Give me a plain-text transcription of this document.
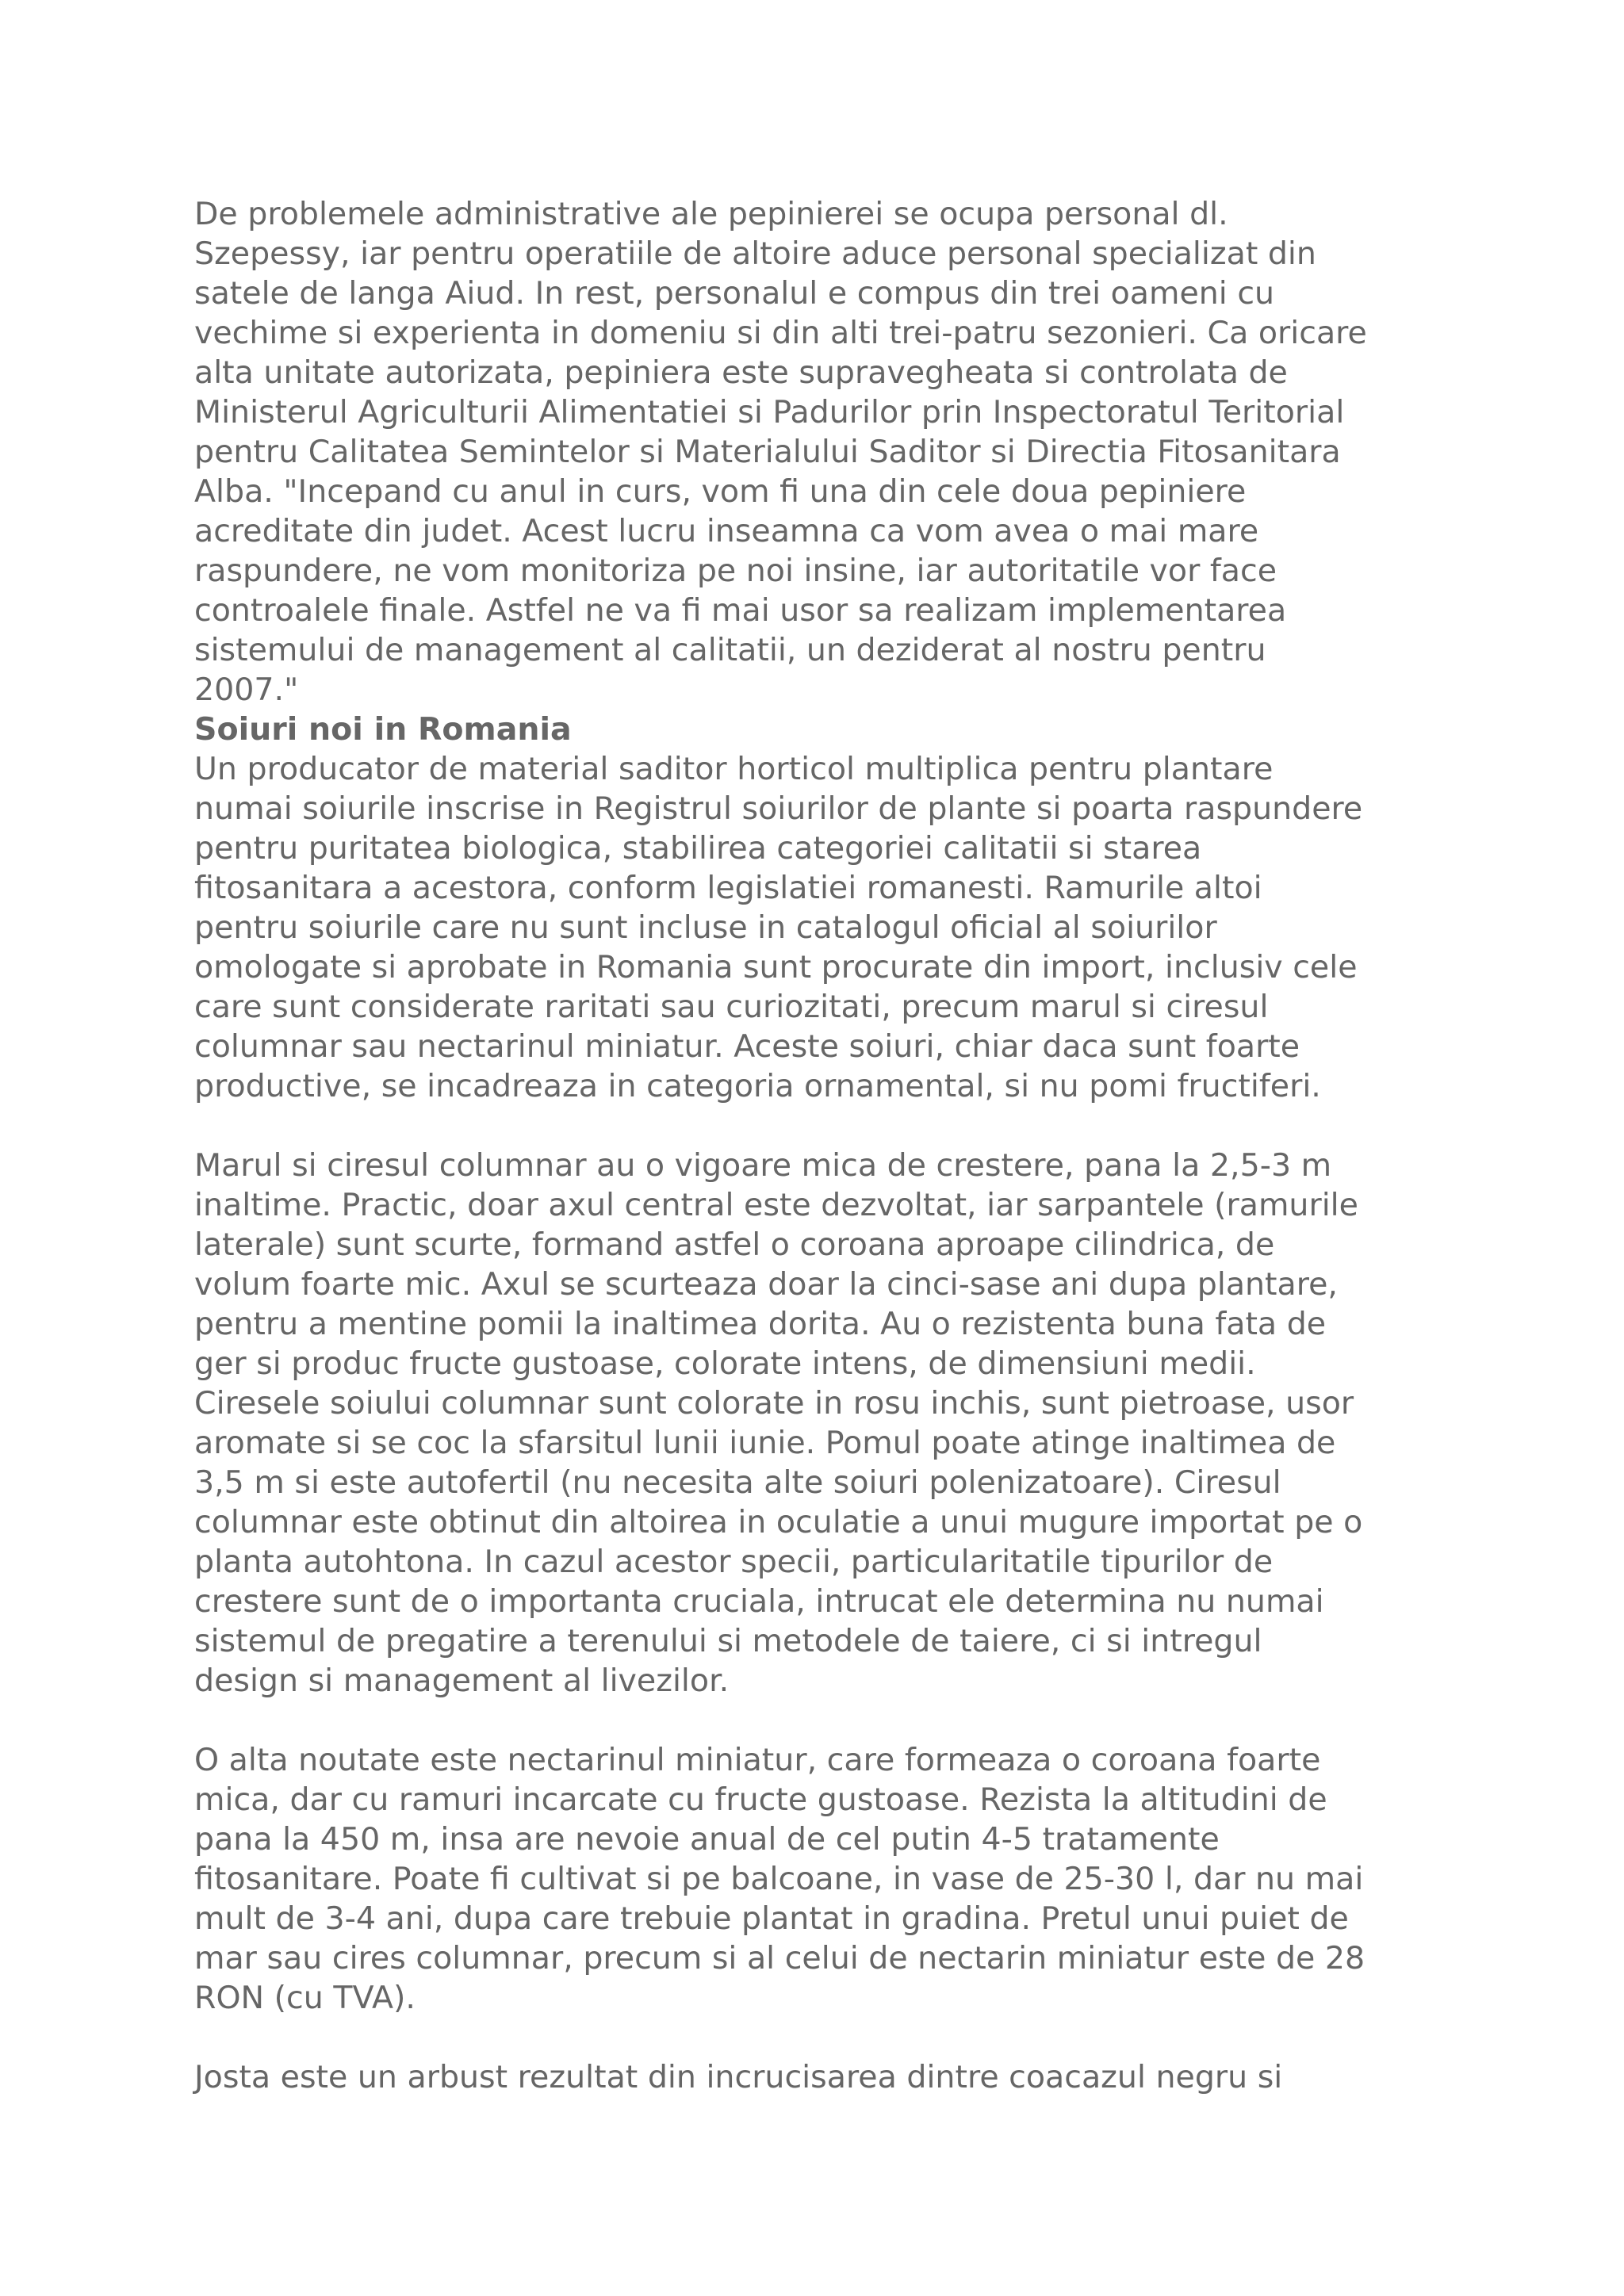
De problemele administrative ale pepinierei se ocupa personal dl.
Szepessy, iar pentru operatiile de altoire aduce personal specializat din
satele de langa Aiud. In rest, personalul e compus din trei oameni cu
vechime si experienta in domeniu si din alti trei-patru sezonieri. Ca oricare
alta unitate autorizata, pepiniera este supravegheata si controlata de
Ministerul Agriculturii Alimentatiei si Padurilor prin Inspectoratul Teritorial
pentru Calitatea Semintelor si Materialului Saditor si Directia Fitosanitara
Alba. "Incepand cu anul in curs, vom fi una din cele doua pepiniere
acreditate din judet. Acest lucru inseamna ca vom avea o mai mare
raspundere, ne vom monitoriza pe noi insine, iar autoritatile vor face
controalele finale. Astfel ne va fi mai usor sa realizam implementarea
sistemului de management al calitatii, un deziderat al nostru pentru
2007."
Soiuri noi in Romania
Un producator de material saditor horticol multiplica pentru plantare
numai soiurile inscrise in Registrul soiurilor de plante si poarta raspundere
pentru puritatea biologica, stabilirea categoriei calitatii si starea
fitosanitara a acestora, conform legislatiei romanesti. Ramurile altoi
pentru soiurile care nu sunt incluse in catalogul oficial al soiurilor
omologate si aprobate in Romania sunt procurate din import, inclusiv cele
care sunt considerate raritati sau curiozitati, precum marul si ciresul
columnar sau nectarinul miniatur. Aceste soiuri, chiar daca sunt foarte
productive, se incadreaza in categoria ornamental, si nu pomi fructiferi.
Marul si ciresul columnar au o vigoare mica de crestere, pana la 2,5-3 m
inaltime. Practic, doar axul central este dezvoltat, iar sarpantele (ramurile
laterale) sunt scurte, formand astfel o coroana aproape cilindrica, de
volum foarte mic. Axul se scurteaza doar la cinci-sase ani dupa plantare,
pentru a mentine pomii la inaltimea dorita. Au o rezistenta buna fata de
ger si produc fructe gustoase, colorate intens, de dimensiuni medii.
Ciresele soiului columnar sunt colorate in rosu inchis, sunt pietroase, usor
aromate si se coc la sfarsitul lunii iunie. Pomul poate atinge inaltimea de
3,5 m si este autofertil (nu necesita alte soiuri polenizatoare). Ciresul
columnar este obtinut din altoirea in oculatie a unui mugure importat pe o
planta autohtona. In cazul acestor specii, particularitatile tipurilor de
crestere sunt de o importanta cruciala, intrucat ele determina nu numai
sistemul de pregatire a terenului si metodele de taiere, ci si intregul
design si management al livezilor.
O alta noutate este nectarinul miniatur, care formeaza o coroana foarte
mica, dar cu ramuri incarcate cu fructe gustoase. Rezista la altitudini de
pana la 450 m, insa are nevoie anual de cel putin 4-5 tratamente
fitosanitare. Poate fi cultivat si pe balcoane, in vase de 25-30 l, dar nu mai
mult de 3-4 ani, dupa care trebuie plantat in gradina. Pretul unui puiet de
mar sau cires columnar, precum si al celui de nectarin miniatur este de 28
RON (cu TVA).
Josta este un arbust rezultat din incrucisarea dintre coacazul negru si
